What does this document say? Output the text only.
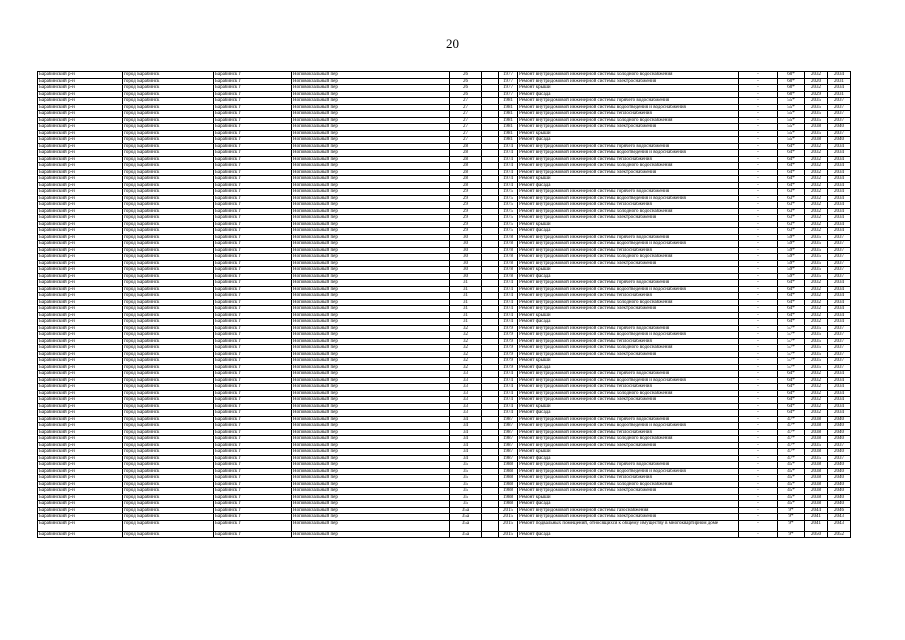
20
Барабинский р-н	город Барабинск	Барабинск г	Ноповокзальный пер	26		1977	Ремонт внутридомовой инженерной системы холодного водоснабжения	-	60*	2032	2034
Барабинский р-н	город Барабинск	Барабинск г	Ноповокзальный пер	26		1977	Ремонт внутридомовой инженерной системы электроснабжения	-	60*	2020	2031
Барабинский р-н	город Барабинск	Барабинск г	Ноповокзальный пер	26		1977	Ремонт крыши	-	60*	2032	2034
Барабинский р-н	город Барабинск	Барабинск г	Ноповокзальный пер	26		1977	Ремонт фасада	-	60*	2029	2031
Барабинский р-н	город Барабинск	Барабинск г	Ноповокзальный пер	27		1981	Ремонт внутридомовой инженерной системы горячего водоснабжения	-	55*	2035	2037
Барабинский р-н	город Барабинск	Барабинск г	Ноповокзальный пер	27		1981	Ремонт внутридомовой инженерной системы водоотведения и водоснабжения	-	55*	2035	2037
Барабинский р-н	город Барабинск	Барабинск г	Ноповокзальный пер	27		1981	Ремонт внутридомовой инженерной системы теплоснабжения	-	55*	2035	2037
Барабинский р-н	город Барабинск	Барабинск г	Ноповокзальный пер	27		1981	Ремонт внутридомовой инженерной системы холодного водоснабжения	-	55*	2035	2037
Барабинский р-н	город Барабинск	Барабинск г	Ноповокзальный пер	27		1981	Ремонт внутридомовой инженерной системы электроснабжения	-	55*	2038	2040
Барабинский р-н	город Барабинск	Барабинск г	Ноповокзальный пер	27		1981	Ремонт крыши	-	55*	2035	2037
Барабинский р-н	город Барабинск	Барабинск г	Ноповокзальный пер	27		1981	Ремонт фасада	-	55*	2038	2040
Барабинский р-н	город Барабинск	Барабинск г	Ноповокзальный пер	28		1974	Ремонт внутридомовой инженерной системы горячего водоснабжения	-	64*	2032	2034
Барабинский р-н	город Барабинск	Барабинск г	Ноповокзальный пер	28		1974	Ремонт внутридомовой инженерной системы водоотведения и водоснабжения	-	64*	2032	2034
Барабинский р-н	город Барабинск	Барабинск г	Ноповокзальный пер	28		1974	Ремонт внутридомовой инженерной системы теплоснабжения	-	64*	2032	2034
Барабинский р-н	город Барабинск	Барабинск г	Ноповокзальный пер	28		1974	Ремонт внутридомовой инженерной системы холодного водоснабжения	-	64*	2032	2034
Барабинский р-н	город Барабинск	Барабинск г	Ноповокзальный пер	28		1974	Ремонт внутридомовой инженерной системы электроснабжения	-	64*	2032	2034
Барабинский р-н	город Барабинск	Барабинск г	Ноповокзальный пер	28		1974	Ремонт крыши	-	64*	2032	2034
Барабинский р-н	город Барабинск	Барабинск г	Ноповокзальный пер	28		1974	Ремонт фасада	-	64*	2032	2034
Барабинский р-н	город Барабинск	Барабинск г	Ноповокзальный пер	29		1975	Ремонт внутридомовой инженерной системы горячего водоснабжения	-	63*	2032	2034
Барабинский р-н	город Барабинск	Барабинск г	Ноповокзальный пер	29		1975	Ремонт внутридомовой инженерной системы водоотведения и водоснабжения	-	63*	2032	2034
Барабинский р-н	город Барабинск	Барабинск г	Ноповокзальный пер	29		1975	Ремонт внутридомовой инженерной системы теплоснабжения	-	63*	2032	2034
Барабинский р-н	город Барабинск	Барабинск г	Ноповокзальный пер	29		1975	Ремонт внутридомовой инженерной системы холодного водоснабжения	-	63*	2032	2034
Барабинский р-н	город Барабинск	Барабинск г	Ноповокзальный пер	29		1975	Ремонт внутридомовой инженерной системы электроснабжения	-	63*	2032	2034
Барабинский р-н	город Барабинск	Барабинск г	Ноповокзальный пер	29		1975	Ремонт крыши	-	63*	2032	2034
Барабинский р-н	город Барабинск	Барабинск г	Ноповокзальный пер	29		1975	Ремонт фасада	-	63*	2032	2034
Барабинский р-н	город Барабинск	Барабинск г	Ноповокзальный пер	30		1978	Ремонт внутридомовой инженерной системы горячего водоснабжения	-	59*	2035	2037
Барабинский р-н	город Барабинск	Барабинск г	Ноповокзальный пер	30		1978	Ремонт внутридомовой инженерной системы водоотведения и водоснабжения	-	59*	2035	2037
Барабинский р-н	город Барабинск	Барабинск г	Ноповокзальный пер	30		1978	Ремонт внутридомовой инженерной системы теплоснабжения	-	59*	2035	2037
Барабинский р-н	город Барабинск	Барабинск г	Ноповокзальный пер	30		1978	Ремонт внутридомовой инженерной системы холодного водоснабжения	-	59*	2035	2037
Барабинский р-н	город Барабинск	Барабинск г	Ноповокзальный пер	30		1978	Ремонт внутридомовой инженерной системы электроснабжения	-	59*	2035	2037
Барабинский р-н	город Барабинск	Барабинск г	Ноповокзальный пер	30		1978	Ремонт крыши	-	59*	2035	2037
Барабинский р-н	город Барабинск	Барабинск г	Ноповокзальный пер	30		1978	Ремонт фасада	-	59*	2035	2037
Барабинский р-н	город Барабинск	Барабинск г	Ноповокзальный пер	31		1974	Ремонт внутридомовой инженерной системы горячего водоснабжения	-	64*	2032	2034
Барабинский р-н	город Барабинск	Барабинск г	Ноповокзальный пер	31		1974	Ремонт внутридомовой инженерной системы водоотведения и водоснабжения	-	64*	2032	2034
Барабинский р-н	город Барабинск	Барабинск г	Ноповокзальный пер	31		1974	Ремонт внутридомовой инженерной системы теплоснабжения	-	64*	2032	2034
Барабинский р-н	город Барабинск	Барабинск г	Ноповокзальный пер	31		1974	Ремонт внутридомовой инженерной системы холодного водоснабжения	-	64*	2032	2034
Барабинский р-н	город Барабинск	Барабинск г	Ноповокзальный пер	31		1974	Ремонт внутридомовой инженерной системы электроснабжения	-	64*	2032	2034
Барабинский р-н	город Барабинск	Барабинск г	Ноповокзальный пер	31		1974	Ремонт крыши	-	64*	2032	2034
Барабинский р-н	город Барабинск	Барабинск г	Ноповокзальный пер	31		1974	Ремонт фасада	-	64*	2032	2034
Барабинский р-н	город Барабинск	Барабинск г	Ноповокзальный пер	32		1979	Ремонт внутридомовой инженерной системы горячего водоснабжения	-	57*	2035	2037
Барабинский р-н	город Барабинск	Барабинск г	Ноповокзальный пер	32		1979	Ремонт внутридомовой инженерной системы водоотведения и водоснабжения	-	57*	2035	2037
Барабинский р-н	город Барабинск	Барабинск г	Ноповокзальный пер	32		1979	Ремонт внутридомовой инженерной системы теплоснабжения	-	57*	2035	2037
Барабинский р-н	город Барабинск	Барабинск г	Ноповокзальный пер	32		1979	Ремонт внутридомовой инженерной системы холодного водоснабжения	-	57*	2035	2037
Барабинский р-н	город Барабинск	Барабинск г	Ноповокзальный пер	32		1979	Ремонт внутридомовой инженерной системы электроснабжения	-	57*	2035	2037
Барабинский р-н	город Барабинск	Барабинск г	Ноповокзальный пер	32		1979	Ремонт крыши	-	57*	2035	2037
Барабинский р-н	город Барабинск	Барабинск г	Ноповокзальный пер	32		1979	Ремонт фасада	-	57*	2035	2037
Барабинский р-н	город Барабинск	Барабинск г	Ноповокзальный пер	33		1974	Ремонт внутридомовой инженерной системы горячего водоснабжения	-	64*	2032	2034
Барабинский р-н	город Барабинск	Барабинск г	Ноповокзальный пер	33		1974	Ремонт внутридомовой инженерной системы водоотведения и водоснабжения	-	64*	2032	2034
Барабинский р-н	город Барабинск	Барабинск г	Ноповокзальный пер	33		1974	Ремонт внутридомовой инженерной системы теплоснабжения	-	64*	2032	2034
Барабинский р-н	город Барабинск	Барабинск г	Ноповокзальный пер	33		1974	Ремонт внутридомовой инженерной системы холодного водоснабжения	-	64*	2032	2034
Барабинский р-н	город Барабинск	Барабинск г	Ноповокзальный пер	33		1974	Ремонт внутридомовой инженерной системы электроснабжения	-	64*	2032	2034
Барабинский р-н	город Барабинск	Барабинск г	Ноповокзальный пер	33		1974	Ремонт крыши	-	64*	2032	2034
Барабинский р-н	город Барабинск	Барабинск г	Ноповокзальный пер	33		1974	Ремонт фасада	-	64*	2032	2034
Барабинский р-н	город Барабинск	Барабинск г	Ноповокзальный пер	34		1987	Ремонт внутридомовой инженерной системы горячего водоснабжения	-	47*	2038	2040
Барабинский р-н	город Барабинск	Барабинск г	Ноповокзальный пер	34		1987	Ремонт внутридомовой инженерной системы водоотведения и водоснабжения	-	47*	2038	2040
Барабинский р-н	город Барабинск	Барабинск г	Ноповокзальный пер	34		1987	Ремонт внутридомовой инженерной системы теплоснабжения	-	47*	2038	2040
Барабинский р-н	город Барабинск	Барабинск г	Ноповокзальный пер	34		1987	Ремонт внутридомовой инженерной системы холодного водоснабжения	-	47*	2038	2040
Барабинский р-н	город Барабинск	Барабинск г	Ноповокзальный пер	34		1987	Ремонт внутридомовой инженерной системы электроснабжения	-	47*	2035	2037
Барабинский р-н	город Барабинск	Барабинск г	Ноповокзальный пер	34		1987	Ремонт крыши	-	47*	2038	2040
Барабинский р-н	город Барабинск	Барабинск г	Ноповокзальный пер	34		1987	Ремонт фасада	-	47*	2035	2037
Барабинский р-н	город Барабинск	Барабинск г	Ноповокзальный пер	35		1988	Ремонт внутридомовой инженерной системы горячего водоснабжения	-	45*	2038	2040
Барабинский р-н	город Барабинск	Барабинск г	Ноповокзальный пер	35		1988	Ремонт внутридомовой инженерной системы водоотведения и водоснабжения	-	45*	2038	2040
Барабинский р-н	город Барабинск	Барабинск г	Ноповокзальный пер	35		1988	Ремонт внутридомовой инженерной системы теплоснабжения	-	45*	2038	2040
Барабинский р-н	город Барабинск	Барабинск г	Ноповокзальный пер	35		1988	Ремонт внутридомовой инженерной системы холодного водоснабжения	-	45*	2038	2040
Барабинский р-н	город Барабинск	Барабинск г	Ноповокзальный пер	35		1988	Ремонт внутридомовой инженерной системы электроснабжения	-	45*	2038	2040
Барабинский р-н	город Барабинск	Барабинск г	Ноповокзальный пер	35		1988	Ремонт крыши	-	45*	2038	2040
Барабинский р-н	город Барабинск	Барабинск г	Ноповокзальный пер	35		1988	Ремонт фасада	-	45*	2038	2040
Барабинский р-н	город Барабинск	Барабинск г	Ноповокзальный пер	35а		2015	Ремонт внутридомовой инженерной системы газоснабжения	-	9*	2044	2046
Барабинский р-н	город Барабинск	Барабинск г	Ноповокзальный пер	35а		2015	Ремонт внутридомовой инженерной системы электроснабжения	-	9*	2041	2043
Барабинский р-н	город Барабинск	Барабинск г	Ноповокзальный пер	35а		2015	Ремонт подвальных помещений, относящихся к общему имуществу в многоквартирном доме	-	9*	2041	2043
Барабинский р-н	город Барабинск	Барабинск г	Ноповокзальный пер	35а		2015	Ремонт фасада	-	9*	2050	2052
